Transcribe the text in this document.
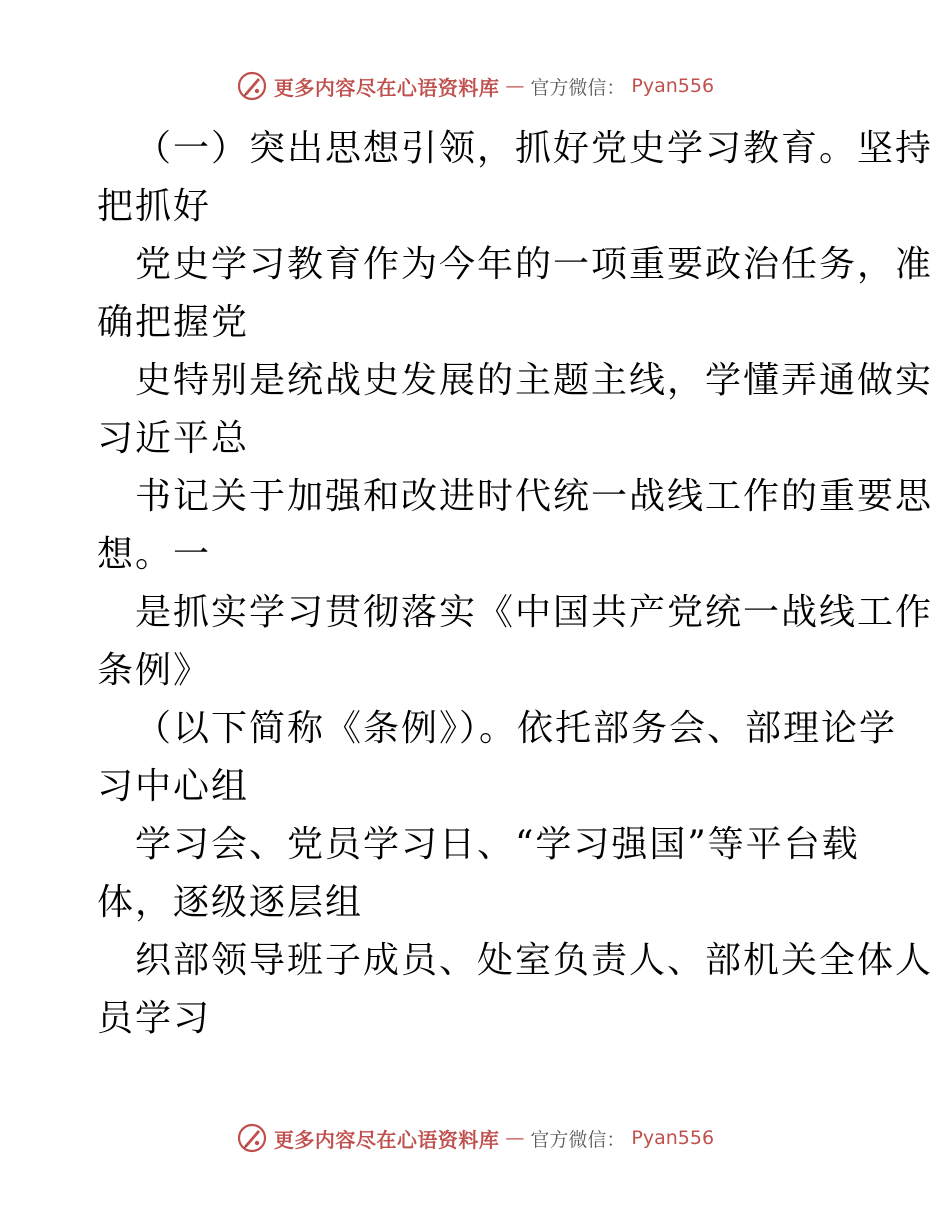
更多内容尽在心语资料库 — 官方微信： Pyan556
（一）突出思想引领，抓好党史学习教育。坚持
把抓好
党史学习教育作为今年的一项重要政治任务，准
确把握党
史特别是统战史发展的主题主线，学懂弄通做实
习近平总
书记关于加强和改进时代统一战线工作的重要思
想。一
是抓实学习贯彻落实《中国共产党统一战线工作
条例》
（以下简称《条例》）。依托部务会、部理论学
习中心组
学习会、党员学习日、“学习强国”等平台载
体，逐级逐层组
织部领导班子成员、处室负责人、部机关全体人
员学习
更多内容尽在心语资料库 — 官方微信： Pyan556
